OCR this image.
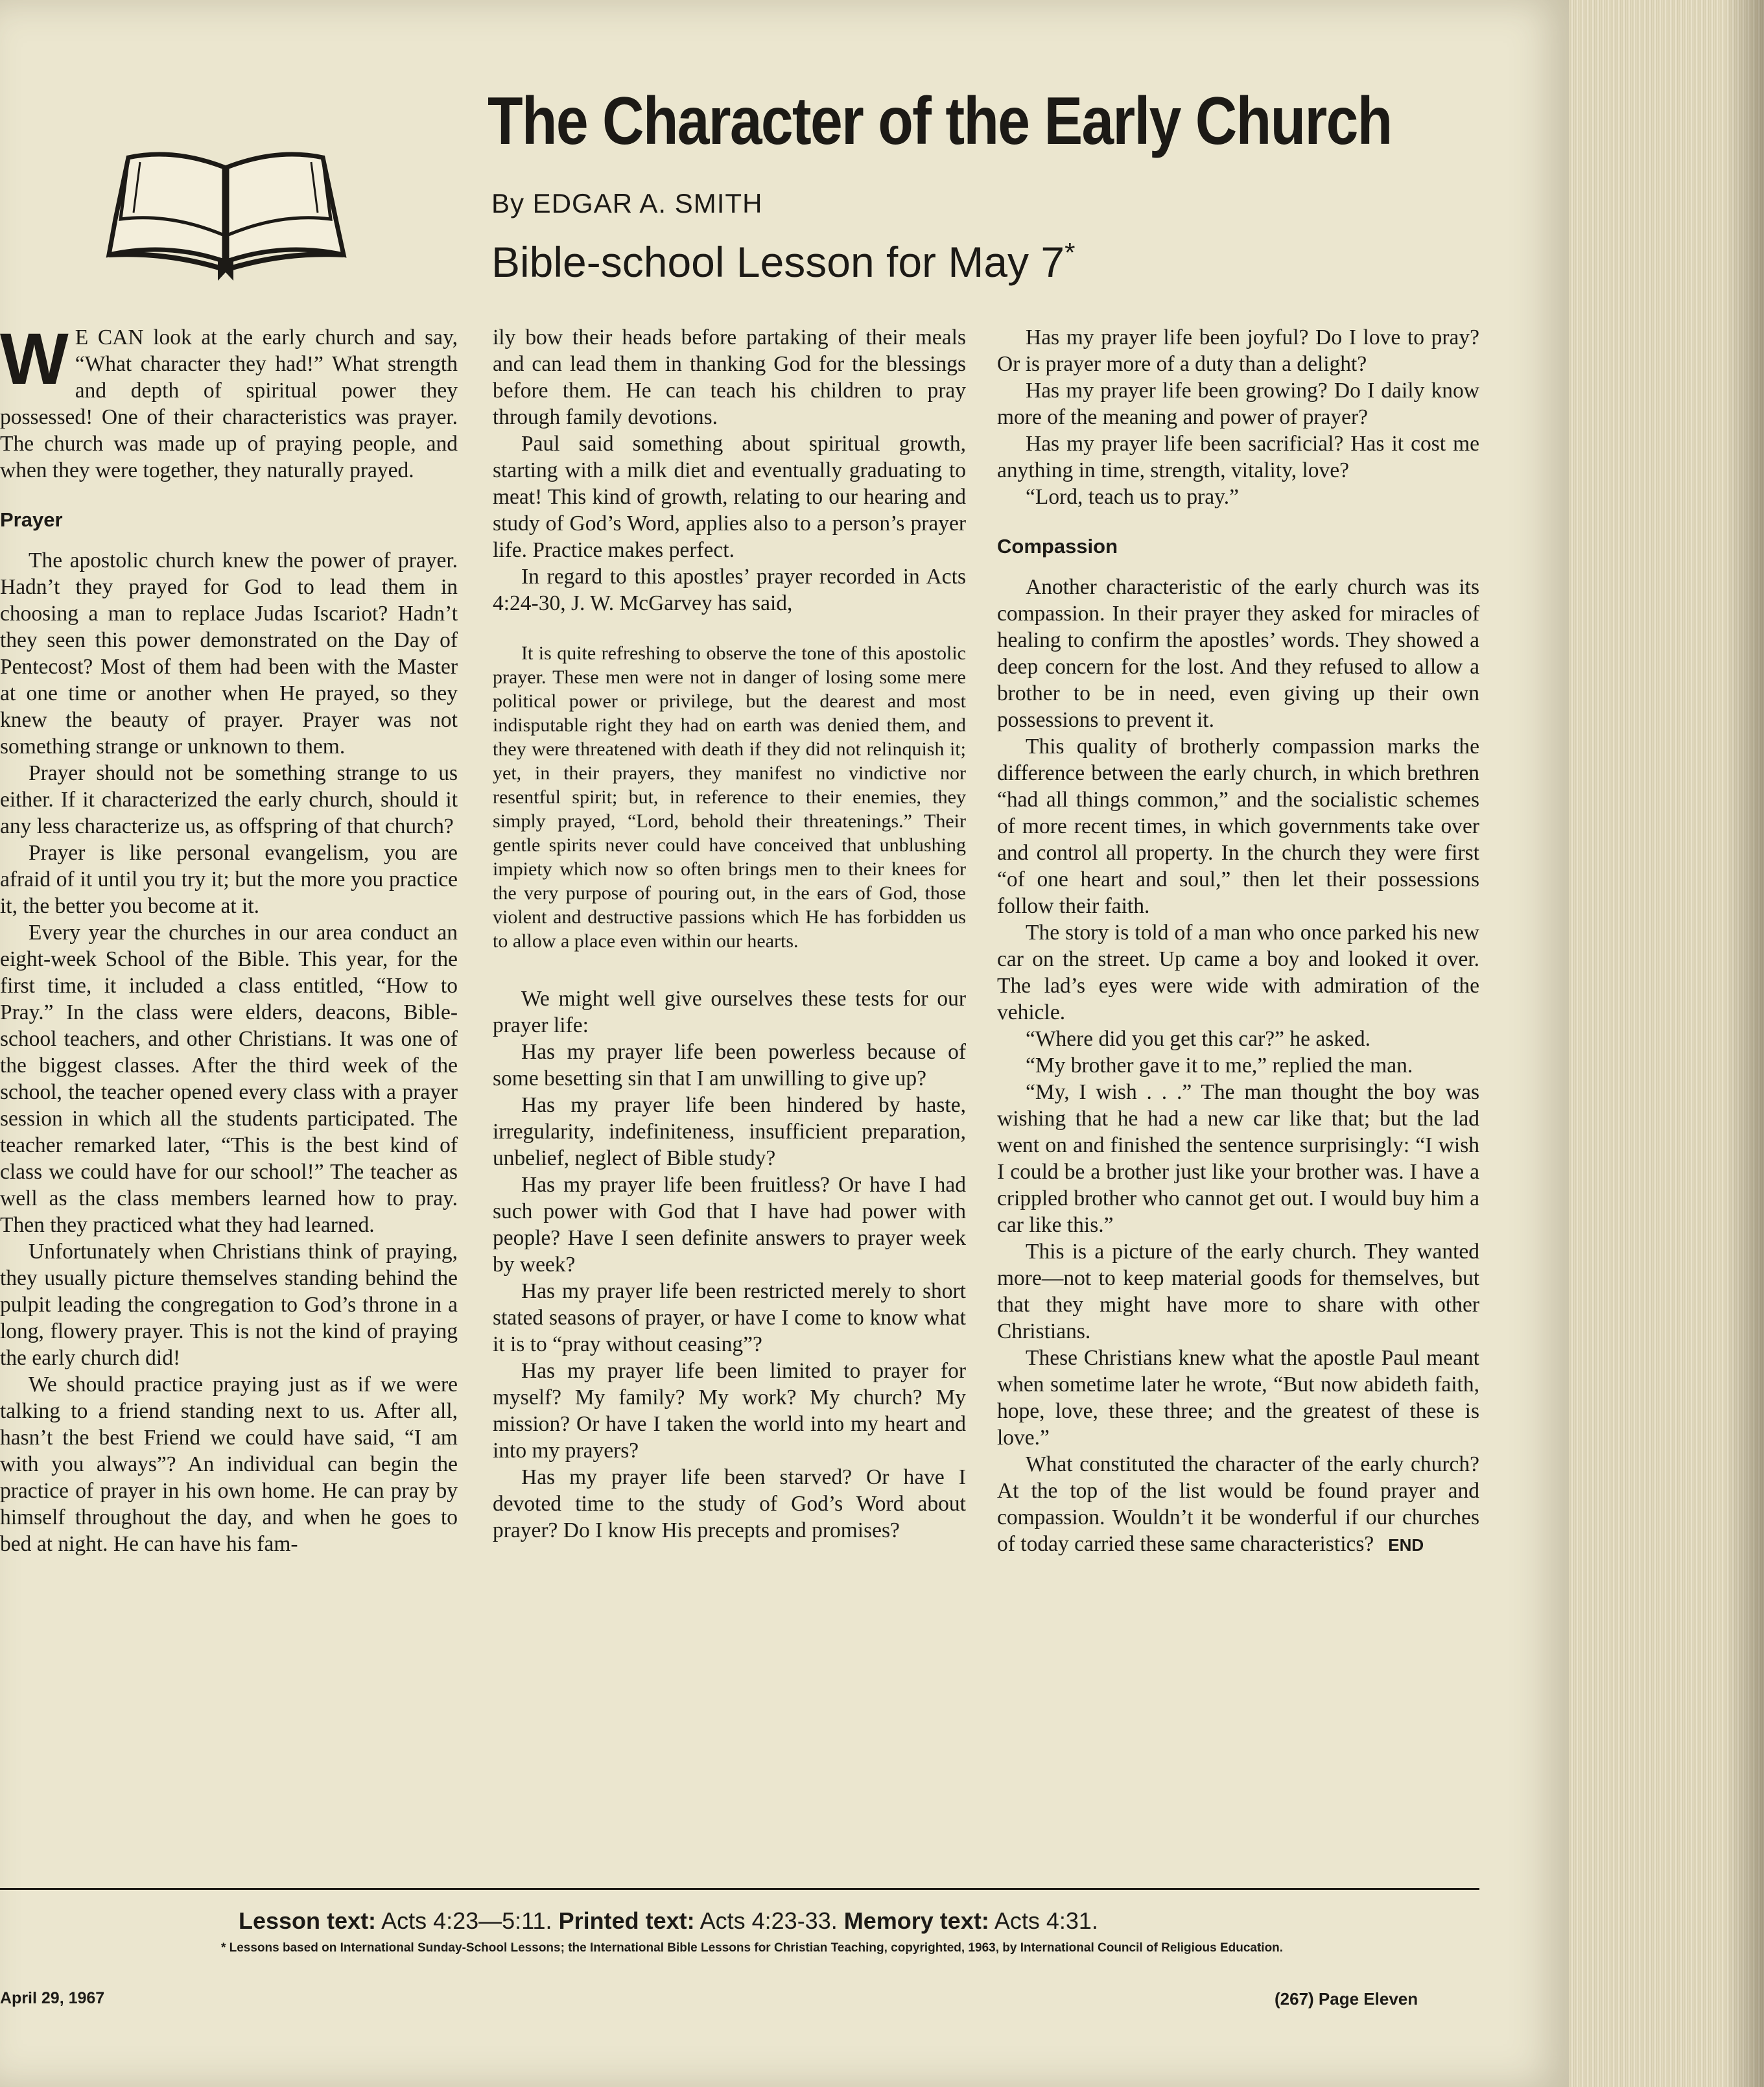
The Character of the Early Church
By EDGAR A. SMITH
Bible-school Lesson for May 7*

W E CAN look at the early church and say, “What character they had!” What strength and depth of spiritual power they possessed! One of their characteristics was prayer. The church was made up of praying people, and when they were together, they naturally prayed.

Prayer

The apostolic church knew the power of prayer. Hadn’t they prayed for God to lead them in choosing a man to replace Judas Iscariot? Hadn’t they seen this power demonstrated on the Day of Pentecost? Most of them had been with the Master at one time or another when He prayed, so they knew the beauty of prayer. Prayer was not something strange or unknown to them.

Prayer should not be something strange to us either. If it characterized the early church, should it any less characterize us, as offspring of that church?

Prayer is like personal evangelism, you are afraid of it until you try it; but the more you practice it, the better you become at it.

Every year the churches in our area conduct an eight-week School of the Bible. This year, for the first time, it included a class entitled, “How to Pray.” In the class were elders, deacons, Bible-school teachers, and other Christians. It was one of the biggest classes. After the third week of the school, the teacher opened every class with a prayer session in which all the students participated. The teacher remarked later, “This is the best kind of class we could have for our school!” The teacher as well as the class members learned how to pray. Then they practiced what they had learned.

Unfortunately when Christians think of praying, they usually picture themselves standing behind the pulpit leading the congregation to God’s throne in a long, flowery prayer. This is not the kind of praying the early church did!

We should practice praying just as if we were talking to a friend standing next to us. After all, hasn’t the best Friend we could have said, “I am with you always”? An individual can begin the practice of prayer in his own home. He can pray by himself throughout the day, and when he goes to bed at night. He can have his fam-

ily bow their heads before partaking of their meals and can lead them in thanking God for the blessings before them. He can teach his children to pray through family devotions.

Paul said something about spiritual growth, starting with a milk diet and eventually graduating to meat! This kind of growth, relating to our hearing and study of God’s Word, applies also to a person’s prayer life. Practice makes perfect.

In regard to this apostles’ prayer recorded in Acts 4:24-30, J. W. McGarvey has said,

It is quite refreshing to observe the tone of this apostolic prayer. These men were not in danger of losing some mere political power or privilege, but the dearest and most indisputable right they had on earth was denied them, and they were threatened with death if they did not relinquish it; yet, in their prayers, they manifest no vindictive nor resentful spirit; but, in reference to their enemies, they simply prayed, “Lord, behold their threatenings.” Their gentle spirits never could have conceived that unblushing impiety which now so often brings men to their knees for the very purpose of pouring out, in the ears of God, those violent and destructive passions which He has forbidden us to allow a place even within our hearts.

We might well give ourselves these tests for our prayer life:

Has my prayer life been powerless because of some besetting sin that I am unwilling to give up?

Has my prayer life been hindered by haste, irregularity, indefiniteness, insufficient preparation, unbelief, neglect of Bible study?

Has my prayer life been fruitless? Or have I had such power with God that I have had power with people? Have I seen definite answers to prayer week by week?

Has my prayer life been restricted merely to short stated seasons of prayer, or have I come to know what it is to “pray without ceasing”?

Has my prayer life been limited to prayer for myself? My family? My work? My church? My mission? Or have I taken the world into my heart and into my prayers?

Has my prayer life been starved? Or have I devoted time to the study of God’s Word about prayer? Do I know His precepts and promises?

Has my prayer life been joyful? Do I love to pray? Or is prayer more of a duty than a delight?

Has my prayer life been growing? Do I daily know more of the meaning and power of prayer?

Has my prayer life been sacrificial? Has it cost me anything in time, strength, vitality, love?

“Lord, teach us to pray.”

Compassion

Another characteristic of the early church was its compassion. In their prayer they asked for miracles of healing to confirm the apostles’ words. They showed a deep concern for the lost. And they refused to allow a brother to be in need, even giving up their own possessions to prevent it.

This quality of brotherly compassion marks the difference between the early church, in which brethren “had all things common,” and the socialistic schemes of more recent times, in which governments take over and control all property. In the church they were first “of one heart and soul,” then let their possessions follow their faith.

The story is told of a man who once parked his new car on the street. Up came a boy and looked it over. The lad’s eyes were wide with admiration of the vehicle.

“Where did you get this car?” he asked.

“My brother gave it to me,” replied the man.

“My, I wish . . .” The man thought the boy was wishing that he had a new car like that; but the lad went on and finished the sentence surprisingly: “I wish I could be a brother just like your brother was. I have a crippled brother who cannot get out. I would buy him a car like this.”

This is a picture of the early church. They wanted more—not to keep material goods for themselves, but that they might have more to share with other Christians.

These Christians knew what the apostle Paul meant when sometime later he wrote, “But now abideth faith, hope, love, these three; and the greatest of these is love.”

What constituted the character of the early church? At the top of the list would be found prayer and compassion. Wouldn’t it be wonderful if our churches of today carried these same characteristics? END

Lesson text: Acts 4:23—5:11. Printed text: Acts 4:23-33. Memory text: Acts 4:31.
* Lessons based on International Sunday-School Lessons; the International Bible Lessons for Christian Teaching, copyrighted, 1963, by International Council of Religious Education.
April 29, 1967	(267) Page Eleven
